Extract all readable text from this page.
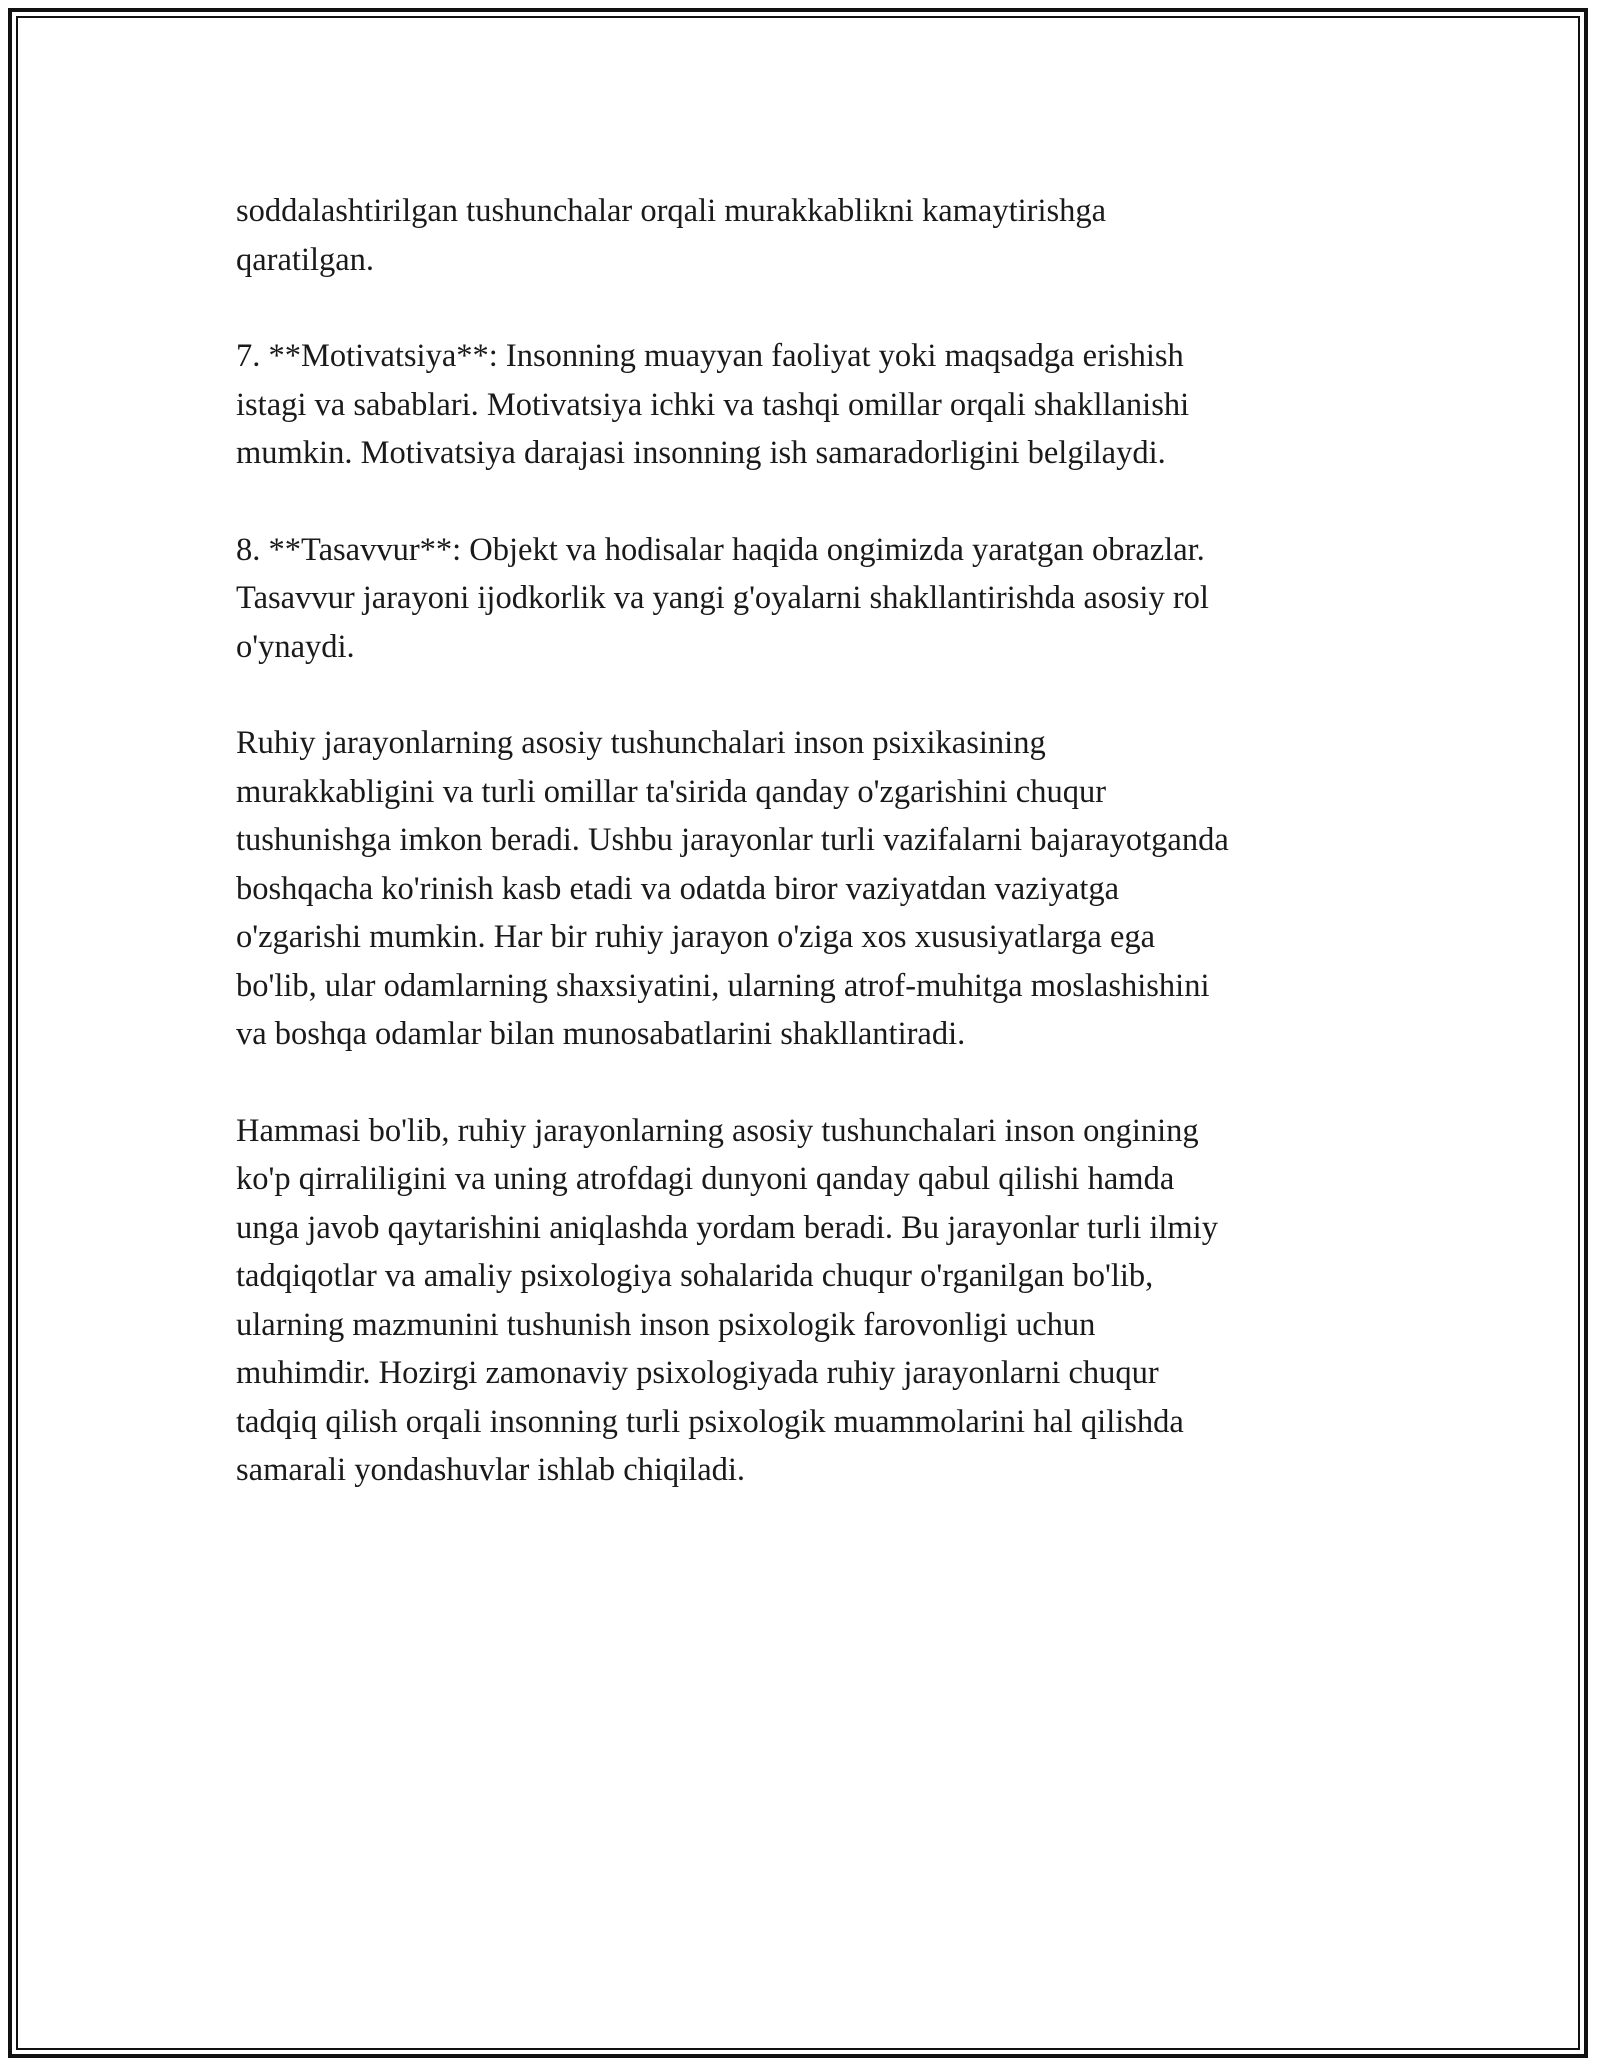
soddalashtirilgan tushunchalar orqali murakkablikni kamaytirishga
qaratilgan.
7. **Motivatsiya**: Insonning muayyan faoliyat yoki maqsadga erishish
istagi va sabablari. Motivatsiya ichki va tashqi omillar orqali shakllanishi
mumkin. Motivatsiya darajasi insonning ish samaradorligini belgilaydi.
8. **Tasavvur**: Objekt va hodisalar haqida ongimizda yaratgan obrazlar.
Tasavvur jarayoni ijodkorlik va yangi g'oyalarni shakllantirishda asosiy rol
o'ynaydi.
Ruhiy jarayonlarning asosiy tushunchalari inson psixikasining
murakkabligini va turli omillar ta'sirida qanday o'zgarishini chuqur
tushunishga imkon beradi. Ushbu jarayonlar turli vazifalarni bajarayotganda
boshqacha ko'rinish kasb etadi va odatda biror vaziyatdan vaziyatga
o'zgarishi mumkin. Har bir ruhiy jarayon o'ziga xos xususiyatlarga ega
bo'lib, ular odamlarning shaxsiyatini, ularning atrof-muhitga moslashishini
va boshqa odamlar bilan munosabatlarini shakllantiradi.
Hammasi bo'lib, ruhiy jarayonlarning asosiy tushunchalari inson ongining
ko'p qirraliligini va uning atrofdagi dunyoni qanday qabul qilishi hamda
unga javob qaytarishini aniqlashda yordam beradi. Bu jarayonlar turli ilmiy
tadqiqotlar va amaliy psixologiya sohalarida chuqur o'rganilgan bo'lib,
ularning mazmunini tushunish inson psixologik farovonligi uchun
muhimdir. Hozirgi zamonaviy psixologiyada ruhiy jarayonlarni chuqur
tadqiq qilish orqali insonning turli psixologik muammolarini hal qilishda
samarali yondashuvlar ishlab chiqiladi.
